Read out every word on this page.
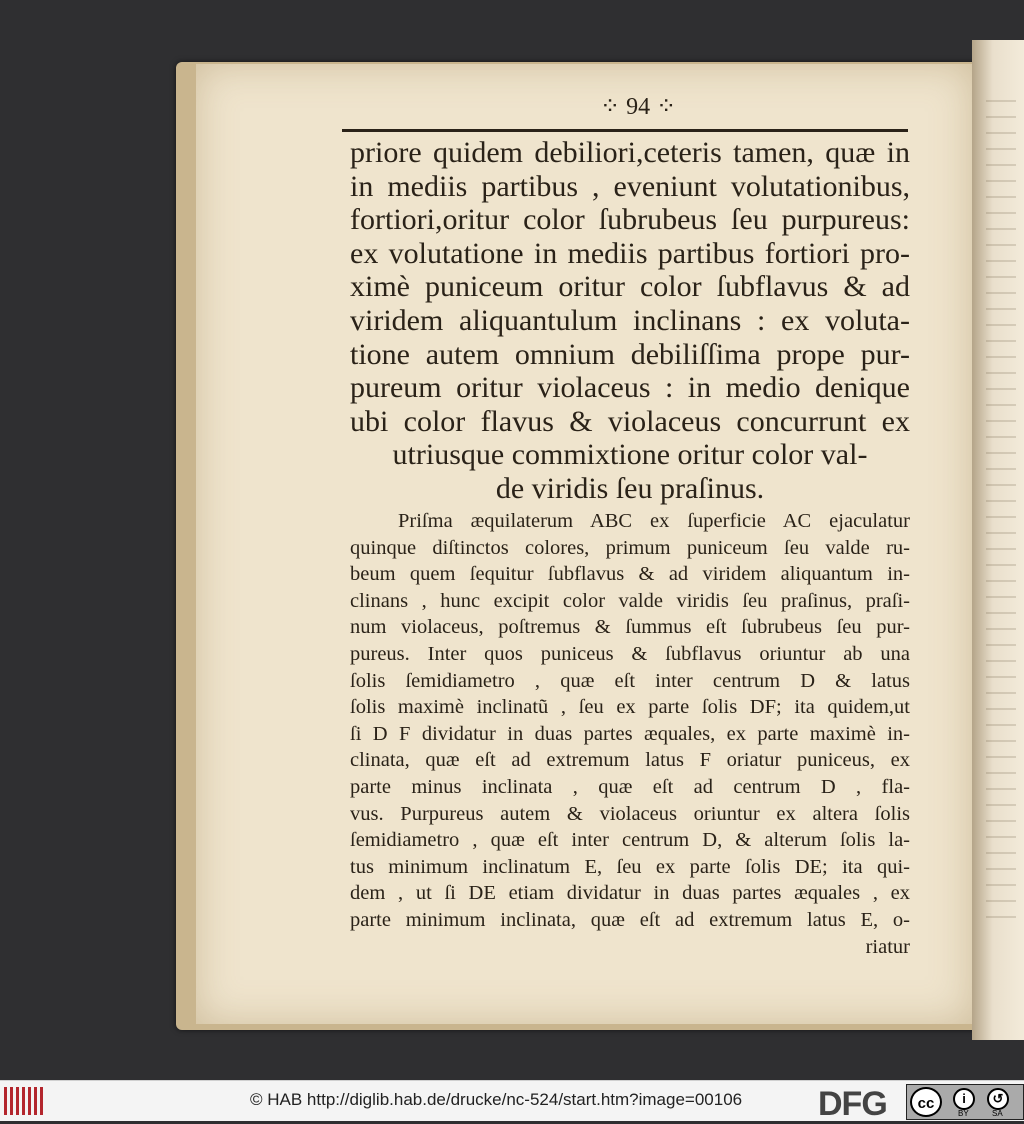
⁘ 94 ⁘
priore quidem debiliori,ceteris tamen, quæ in
in mediis partibus , eveniunt volutationibus,
fortiori,oritur color ſubrubeus ſeu purpureus:
ex volutatione in mediis partibus fortiori pro-
ximè puniceum oritur color ſubflavus & ad
viridem aliquantulum inclinans : ex voluta-
tione autem omnium debiliſſima prope pur-
pureum oritur violaceus : in medio denique
ubi color flavus & violaceus concurrunt ex
utriusque commixtione oritur color val-
de viridis ſeu praſinus.
Priſma æquilaterum ABC ex ſuperficie AC ejaculatur
quinque diſtinctos colores, primum puniceum ſeu valde ru-
beum quem ſequitur ſubflavus & ad viridem aliquantum in-
clinans , hunc excipit color valde viridis ſeu praſinus, praſi-
num violaceus, poſtremus & ſummus eſt ſubrubeus ſeu pur-
pureus. Inter quos puniceus & ſubflavus oriuntur ab una
ſolis ſemidiametro , quæ eſt inter centrum D & latus
ſolis maximè inclinatũ , ſeu ex parte ſolis DF; ita quidem,ut
ſi D F dividatur in duas partes æquales, ex parte maximè in-
clinata, quæ eſt ad extremum latus F oriatur puniceus, ex
parte minus inclinata , quæ eſt ad centrum D , fla-
vus. Purpureus autem & violaceus oriuntur ex altera ſolis
ſemidiametro , quæ eſt inter centrum D, & alterum ſolis la-
tus minimum inclinatum E, ſeu ex parte ſolis DE; ita qui-
dem , ut ſi DE etiam dividatur in duas partes æquales , ex
parte minimum inclinata, quæ eſt ad extremum latus E, o-
riatur
© HAB http://diglib.hab.de/drucke/nc-524/start.htm?image=00106 DFG	cc	i	↺
BY	SA
